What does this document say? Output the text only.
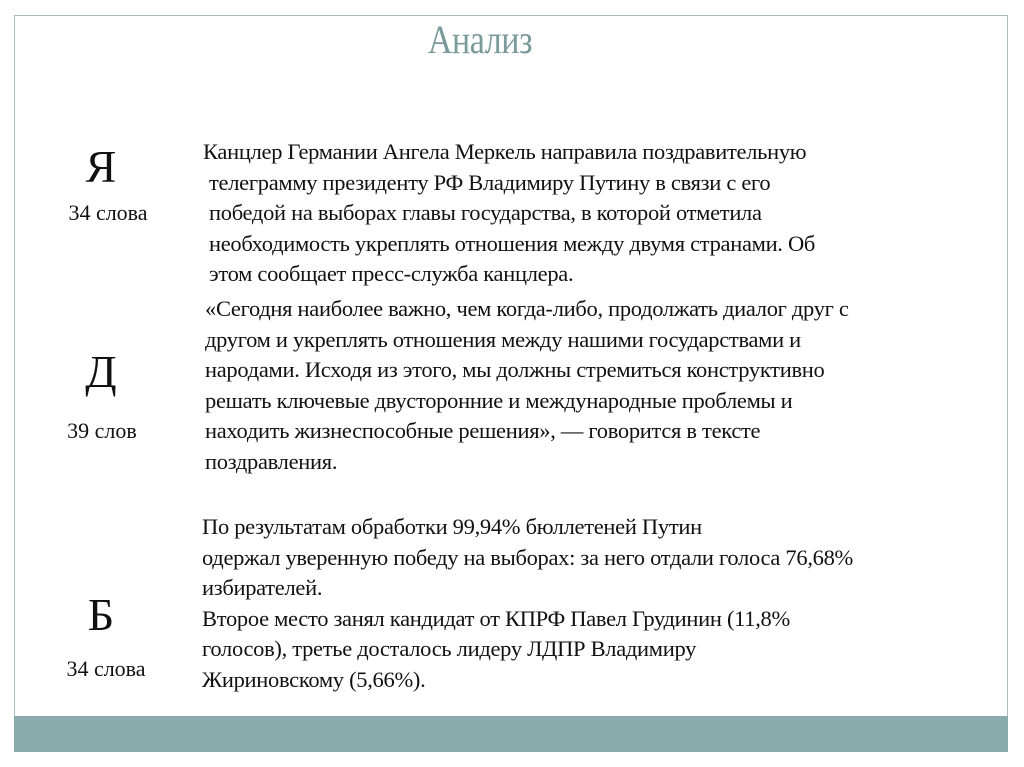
Анализ
Я
34 слова
Канцлер Германии Ангела Меркель направила поздравительную
телеграмму президенту РФ Владимиру Путину в связи с его
победой на выборах главы государства, в которой отметила
необходимость укреплять отношения между двумя странами. Об
этом сообщает пресс-служба канцлера.
Д
39 слов
«Сегодня наиболее важно, чем когда-либо, продолжать диалог друг с
другом и укреплять отношения между нашими государствами и
народами. Исходя из этого, мы должны стремиться конструктивно
решать ключевые двусторонние и международные проблемы и
находить жизнеспособные решения», — говорится в тексте
поздравления.
Б
34 слова
По результатам обработки 99,94% бюллетеней Путин
одержал уверенную победу на выборах: за него отдали голоса 76,68%
избирателей.
Второе место занял кандидат от КПРФ Павел Грудинин (11,8%
голосов), третье досталось лидеру ЛДПР Владимиру
Жириновскому (5,66%).
